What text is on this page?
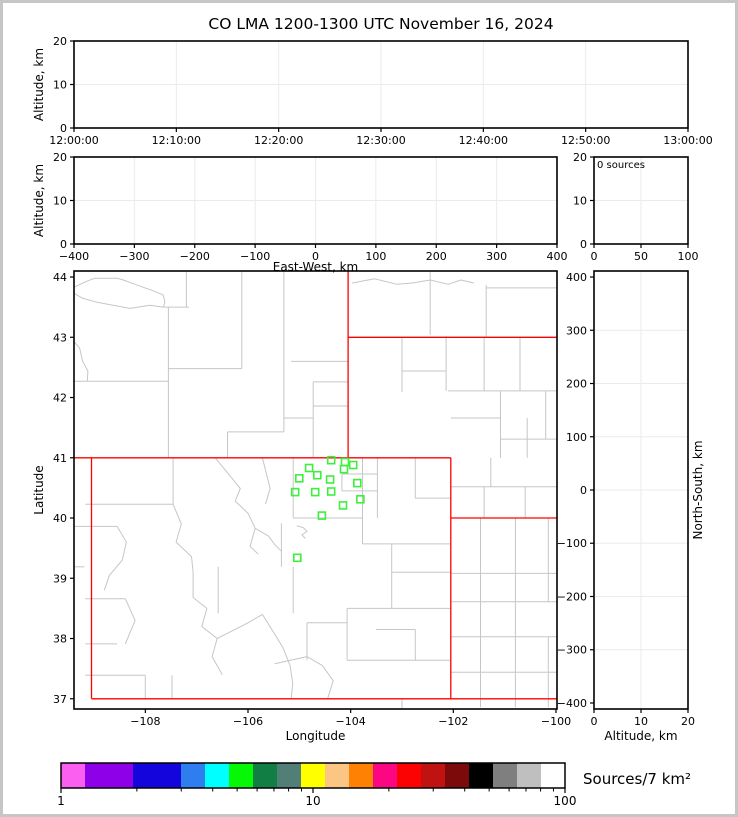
CO LMA 1200-1300 UTC November 16, 2024
12:00:00	12:10:00	12:20:00	12:30:00	12:40:00	12:50:00	13:00:00
0
10
20
Altitude, km
−400	−300	−200	−100	0	100	200	300	400
0
10
20
Altitude, km
East-West, km
0	50	100
0
10
20
0 sources
−108	−106	−104	−102	−100
37
38
39
40
41
42
43
44
Latitude
Longitude
0	10	20
400
300
200
100
0
−100
−200
−300
−400
Altitude, km
North-South, km
1	10	100
Sources/7 km²
